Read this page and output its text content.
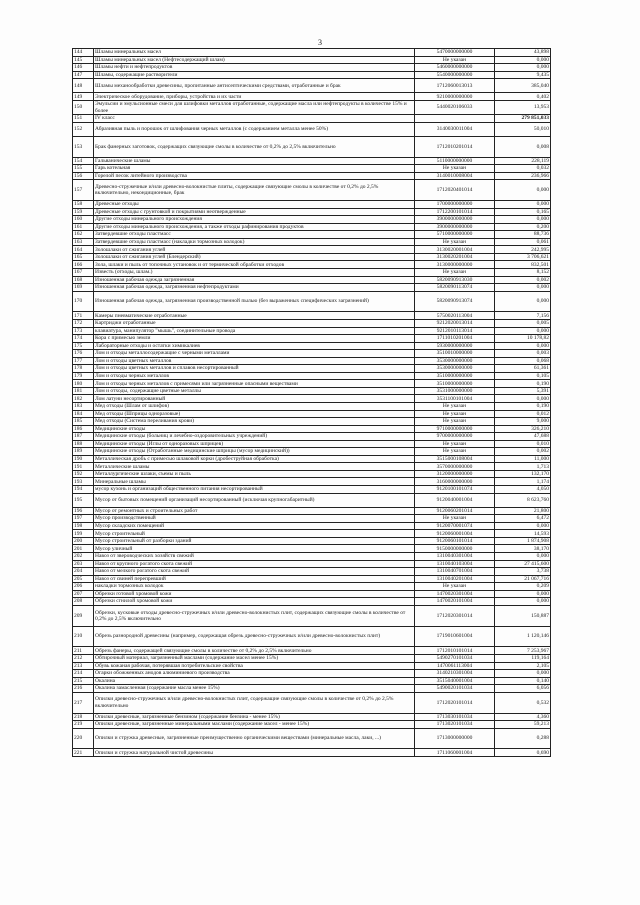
3
144	Шламы минеральных масел	5470000000000	43,898
145	Шламы минеральных масел (Нефтесодержащий шлам)	Не указан	0,000
146	Шламы нефти и нефтепродуктов	5460000000000	0,000
147	Шламы, содержащие растворители	5540000000000	9,435
148	Шламы механообработки древесины, пропитанные антисептическими средствами, отработанные и брак	1712060013013	385,040
149	Электрическое оборудование, приборы, устройства и их части	9210000000000	0,402
150	Эмульсии и эмульсионные смеси для шлифовки металлов отработанные, содержащие масла или нефтепродукты в количестве 15% и более	5440020106033	13,953
151	IV класс		279 851,033
152	Абразивная пыль и порошок от шлифования черных металлов (с содержанием металла менее 50%)	3140030011004	50,010
153	Брак фанерных заготовок, содержащих связующие смолы в количестве от 0,2% до 2,5% включительно	1712010201014	0,008
154	Гальванические шламы	5110000000000	228,119
155	Гарь котельная	Не указан	0,032
156	Горелой песок литейного производства	3140010008004	236,966
157	Древесно-стружечные и/или древесно-волокнистые плиты, содержащие связующие смолы в количестве от 0,2% до 2,5% включительно, некондиционные, брак	1712020401014	0,000
158	Древесные отходы	1700000000000	0,000
159	Древесные отходы с грунтовкой и покрытиями неотвержденные	1712200101014	0,165
160	Другие отходы минерального происхождения	3900000000000	0,000
161	Другие отходы минерального происхождения, а также отходы рафинирования продуктов	3900000000000	0,200
162	Затвердевшие отходы пластмасс	5710000000000	88,736
163	Затвердевшие отходы пластмасс (накладки тормозных колодок)	Не указан	0,061
164	Золошлаки от сжигания углей	3130020001004	242,995
165	Золошлаки от сжигания углей (Блендерский)	3130020201004	3 706,621
166	Зола, шлаки и пыль от топочных установок и от термической обработки отходов	3130000000000	832,501
167	Известь (отходы, шлам.)	Не указан	8,152
168	Изношенная рабочая одежда загрязненная	5820090913030	0,002
169	Изношенная рабочая одежда, загрязненная нефтепродуктами	5820090113074	0,000
170	Изношенная рабочая одежда, загрязненная производственной пылью (без выраженных специфических загрязнений)	5820090913074	0,000
171	Камеры пневматические отработанные	5750020113004	7,156
172	Картриджи отработанные	9212020013014	0,005
173	клавиатура, манипулятор "мышь", соединительные провода	9212010113014	0,000
174	Кора с примесью земли	1711010201004	10 178,82
175	Лабораторные отходы и остатки химикалиев	5930000000000	0,000
176	Лом и отходы металлосодержащие с черными металлами	3510010000000	0,003
177	Лом и отходы цветных металлов	3530000000000	0,068
178	Лом и отходы цветных металлов и сплавов несортированный	3530000000000	61,361
179	Лом и отходы черных металлов	3510000000000	0,105
180	Лом и отходы черных металлов с примесями или загрязненные опасными веществами	3510000000000	0,190
181	Лом и отходы, содержащие цветные металлы	3531000000000	5,391
182	Лом латуни несортированный	3531100101004	0,000
183	Мед отходы (Шлам от шлифов)	Не указан	0,190
184	Мед отходы (Шприцы одноразовые)	Не указан	0,012
185	Мед отходы (Система переливания крови)	Не указан	9,000
186	Медицинские отходы	9710000000000	326,210
187	Медицинские отходы (больниц и лечебно-оздоровительных учреждений)	9700000000000	47,688
188	Медицинские отходы (Иглы от одноразовых шприцев)	Не указан	0,010
189	Медицинские отходы (Отработанные медицинские шприцы (мусор медицинский))	Не указан	0,002
190	Металлическая дробь с примесью шлаковой корки (дробеструйная обработка)	3515000108004	11,000
191	Металлические шламы	3570000000000	1,713
192	Металлургические шлаки, съемы и пыль	3120000000000	132,170
193	Минеральные шламы	3160000000000	1,174
194	мусор кухонь и организаций общественного питания несортированный	9120100101074	4,050
195	Мусор от бытовых помещений организаций несортированный (исключая крупногабаритный)	9120040001004	8 623,760
196	Мусор от ремонтных и строительных работ	9120060201014	21,800
197	Мусор производственный	Не указан	6,472
198	Мусор складских помещений	9120070001074	0,000
199	Мусор строительный	9120060001004	14,593
200	Мусор строительный от разборки зданий	9120060101014	1 874,908
201	Мусор уличный	9150000000000	38,170
202	Навоз от звероводческих хозяйств свежий	1310040301004	0,000
203	Навоз от крупного рогатого скота свежий	1310040103004	27 415,600
204	Навоз от мелкого рогатого скота свежий	1310040701004	3,738
205	Навоз от свиней перепревший	1310040201004	21 067,716
206	накладки тормозных колодок	Не указан	0,209
207	Обрезки готовой хромовой кожи	1470020301004	0,000
208	Обрезки сгнилой хромовой кожи	1470020101004	0,000
209	Обрезки, кусковые отходы древесно-стружечных и/или древесно-волокнистых плит, содержащих связующие смолы в количестве от 0,2% до 2,5% включительно	1712020301014	150,887
210	Обрезь разнородной древесины (например, содержащая обрезь древесно-стружечных и/или древесно-волокнистых плит)	1719010601004	1 120,146
211	Обрезь фанеры, содержащей связующие смолы в количестве от 0,2% до 2,5% включительно	1712010101014	7 253,967
212	Обтирочный материал, загрязненный маслами (содержание масел менее 15%)	5490270101034	119,164
213	Обувь кожаная рабочая, потерявшая потребительские свойства	1470061113004	2,105
214	Огарки обожженных анодов алюминиевого производства	3140210301004	0,000
215	Окалина	3515040001004	0,140
216	Окалина замасленная (содержание масла менее 15%)	5490020101034	6,056
217	Опилки древесно-стружечных и/или древесно-волокнистых плит, содержащие связующие смолы в количестве от 0,2% до 2,5% включительно	1712020101014	0,532
218	Опилки древесные, загрязненные бензином (содержание бензина - менее 15%)	1713030101034	4,360
219	Опилки древесные, загрязненные минеральными маслами (содержание масел - менее 15%)	1713020101034	59,213
220	Опилки и стружка древесные, загрязненные преимущественно органическими веществами (минеральные масла, лаки, ...)	1713000000000	0,288
221	Опилки и стружка натуральной чистой древесины	1711060001004	0,690
